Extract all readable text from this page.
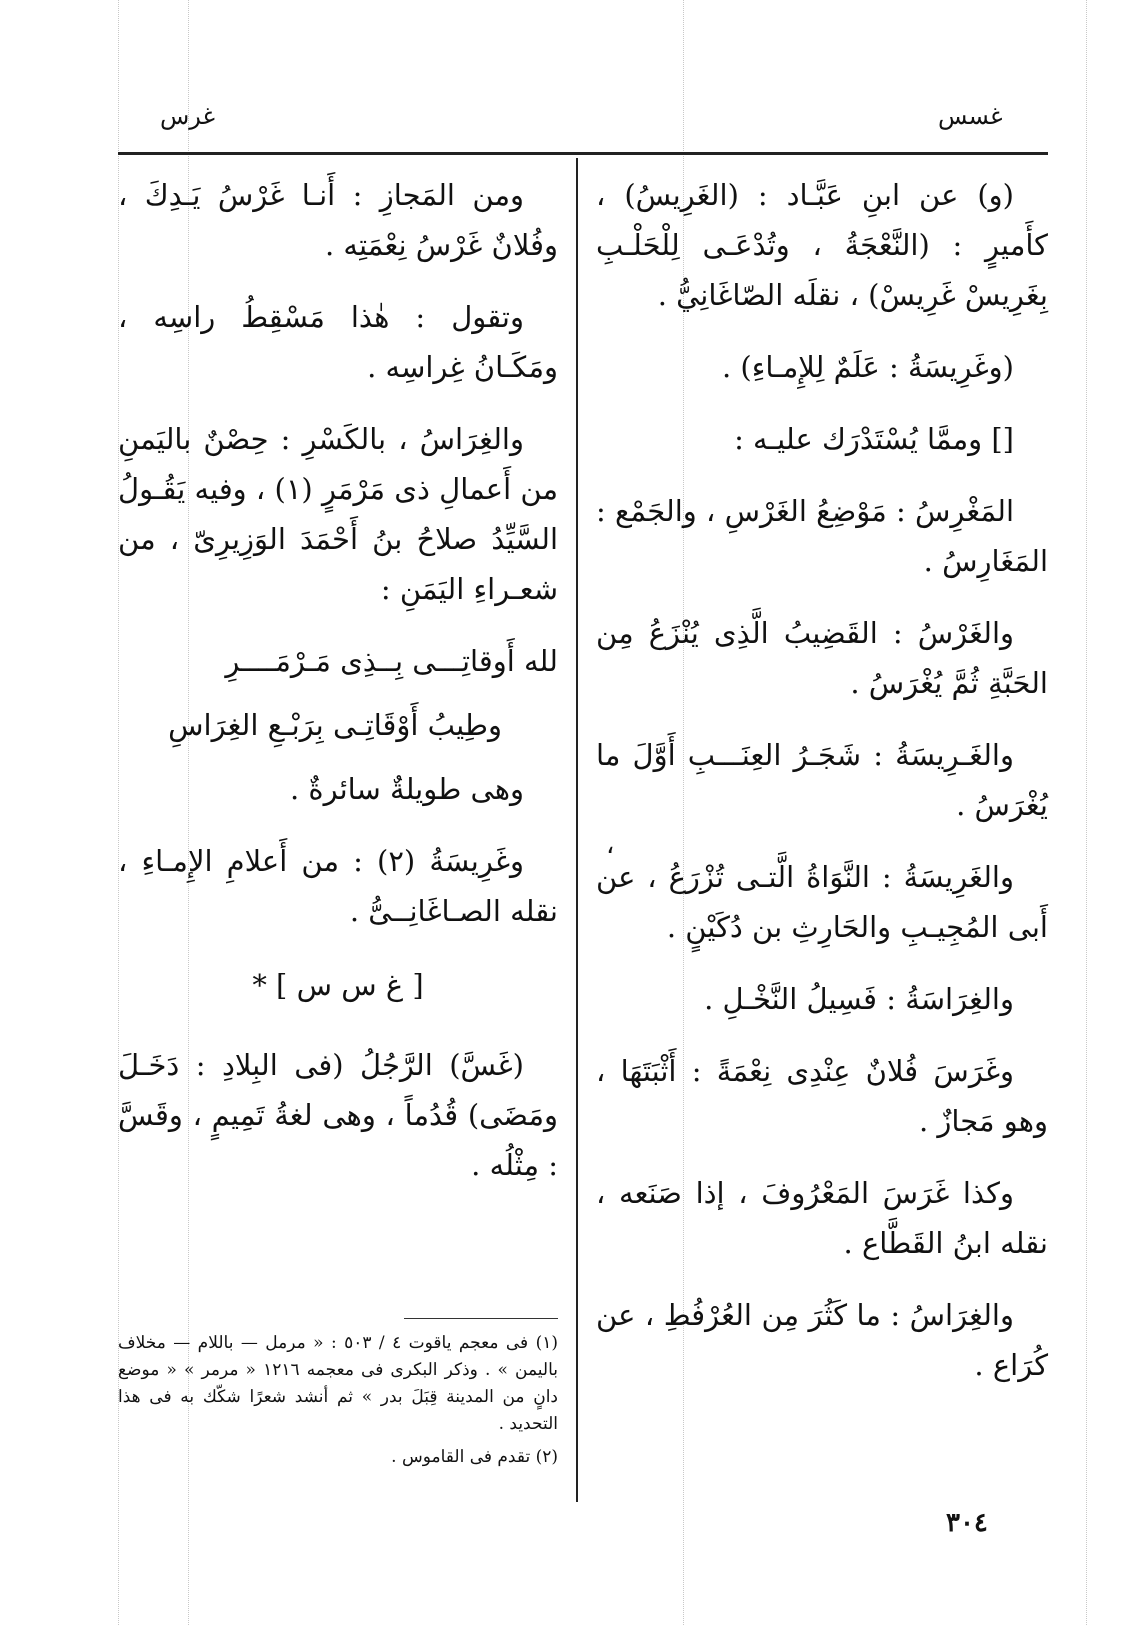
غسس
غرس

(و) عن ابنِ عَبَّـاد : (الغَرِيسُ) ، كأَميرٍ : (النَّعْجَةُ ، وتُدْعَـى لِلْحَلْـبِ بِغَرِيسْ غَرِيسْ) ، نقلَه الصّاغَانِيُّ .

(وغَرِيسَةُ : عَلَمٌ لِلإِمـاءِ) .

[] وممَّا يُسْتَدْرَك عليـه :

المَغْرِسُ : مَوْضِعُ الغَرْسِ ، والجَمْع : المَغَارِسُ .

والغَرْسُ : القَضِيبُ الَّذِى يُنْزَعُ مِن الحَبَّةِ ثُمَّ يُغْرَسُ .

والغَـرِيسَةُ : شَجَـرُ العِنَـــبِ أَوَّلَ ما يُغْرَسُ .

والغَرِيسَةُ : النَّوَاةُ الَّتـى تُزْرَعُ ، عن أَبى المُجِيـبِ والحَارِثِ بن دُكَيْنٍ .

والغِرَاسَةُ : فَسِيلُ النَّخْـلِ .

وغَرَسَ فُلانٌ عِنْدِى نِعْمَةً : أَثْبَتَهَا ، وهو مَجازٌ .

وكذا غَرَسَ المَعْرُوفَ ، إذا صَنَعه ، نقله ابنُ القَطَّاع .

والغِرَاسُ : ما كَثُرَ مِن العُرْفُطِ ، عن كُرَاع .

،

ومن المَجازِ : أَنـا غَرْسُ يَـدِكَ ، وفُلانٌ غَرْسُ نِعْمَتِه .

وتقول : هٰذا مَسْقِطُ راسِه ، ومَكَـانُ غِراسِه .

والغِرَاسُ ، بالكَسْرِ : حِصْنٌ باليَمنِ من أَعمالِ ذى مَرْمَرٍ (١) ، وفيه يَقُـولُ السَّيِّدُ صلاحُ بنُ أَحْمَدَ الوَزِيرِىّ ، من شعـراءِ اليَمَنِ :

لله أَوقاتِـــى بِــذِى مَـرْمَــــرِ

وطِيبُ أَوْقَاتِـى بِرَبْـعِ الغِرَاسِ

وهى طويلةٌ سائرةٌ .

وغَرِيسَةُ (٢) : من أَعلامِ الإِمـاءِ ، نقله الصـاغَانِــىُّ .

[ غ س س ] *

(غَسَّ) الرَّجُلُ (فى البِلادِ : دَخَـلَ ومَضَى) قُدُماً ، وهى لغةُ تَمِيمٍ ، وقَسَّ : مِثْلُه .

(١) فى معجم ياقوت ٤ / ٥٠٣ : « مرمل — باللام — مخلاف باليمن » . وذكر البكرى فى معجمه ١٢١٦ « مرمر » « موضع دانٍ من المدينة قِبَلَ بدر » ثم أنشد شعرًا شكّك به فى هذا التحديد .

(٢) تقدم فى القاموس .

٣٠٤
